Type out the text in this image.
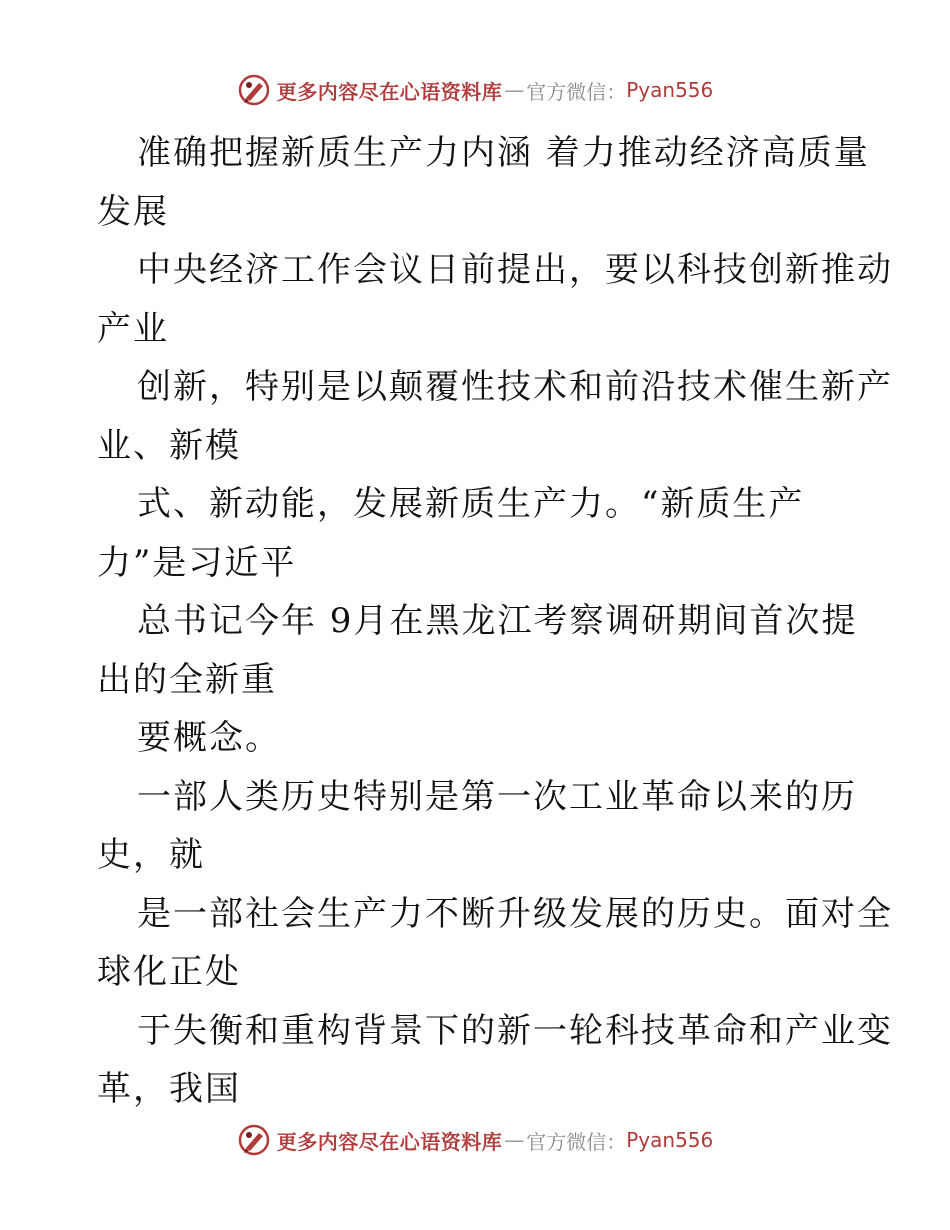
更多内容尽在心语资料库 — 官方微信： Pyan556
准确把握新质生产力内涵 着力推动经济高质量
发展
中央经济工作会议日前提出，要以科技创新推动
产业
创新，特别是以颠覆性技术和前沿技术催生新产
业、新模
式、新动能，发展新质生产力。“新质生产
力”是习近平
总书记今年 9月在黑龙江考察调研期间首次提
出的全新重
要概念。
一部人类历史特别是第一次工业革命以来的历
史，就
是一部社会生产力不断升级发展的历史。面对全
球化正处
于失衡和重构背景下的新一轮科技革命和产业变
革，我国
更多内容尽在心语资料库 — 官方微信： Pyan556
